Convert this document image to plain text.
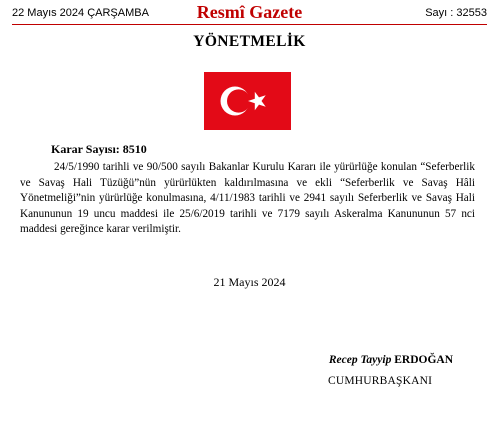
22 Mayıs 2024 ÇARŞAMBA	Resmî Gazete	Sayı : 32553
YÖNETMELİK
Karar Sayısı: 8510

24/5/1990 tarihli ve 90/500 sayılı Bakanlar Kurulu Kararı ile yürürlüğe konulan “Seferberlik ve Savaş Hali Tüzüğü”nün yürürlükten kaldırılmasına ve ekli “Seferberlik ve Savaş Hâli Yönetmeliği”nin yürürlüğe konulmasına, 4/11/1983 tarihli ve 2941 sayılı Seferberlik ve Savaş Hali Kanununun 19 uncu maddesi ile 25/6/2019 tarihli ve 7179 sayılı Askeralma Kanununun 57 nci maddesi gereğince karar verilmiştir.

21 Mayıs 2024
Recep Tayyip ERDOĞAN
CUMHURBAŞKANI
